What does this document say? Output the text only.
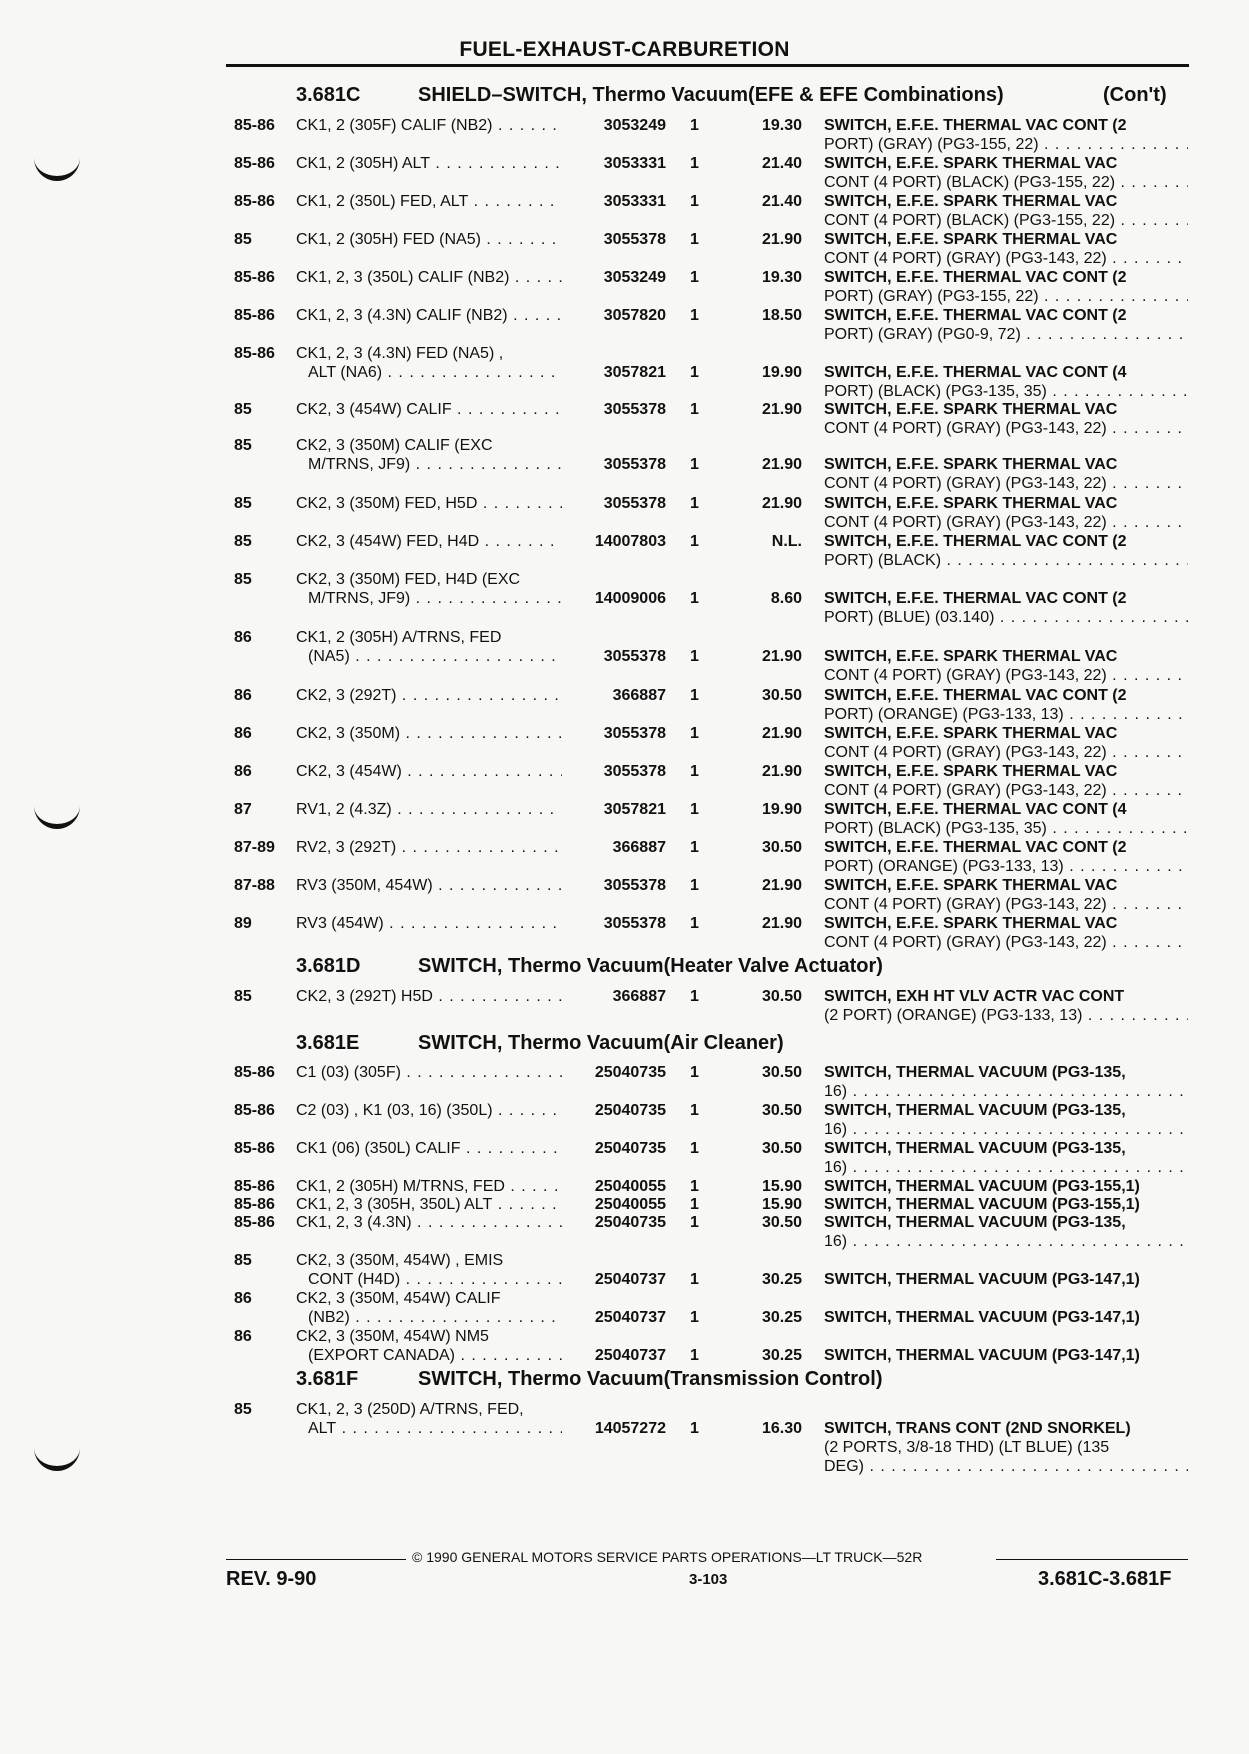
FUEL-EXHAUST-CARBURETION
3.681C	SHIELD–SWITCH, Thermo Vacuum(EFE & EFE Combinations)	(Con't)
85-86 CK1, 2 (305F) CALIF (NB2) . . .	3053249 1	19.30 SWITCH, E.F.E. THERMAL VAC CONT (2
PORT) (GRAY) (PG3-155, 22) . . .
85-86 CK1, 2 (305H) ALT . . .	3053331 1	21.40 SWITCH, E.F.E. SPARK THERMAL VAC
CONT (4 PORT) (BLACK) (PG3-155, 22) . . .
85-86 CK1, 2 (350L) FED, ALT . . .	3053331 1	21.40 SWITCH, E.F.E. SPARK THERMAL VAC
CONT (4 PORT) (BLACK) (PG3-155, 22) . . .
85	CK1, 2 (305H) FED (NA5) . . .	3055378 1	21.90 SWITCH, E.F.E. SPARK THERMAL VAC
CONT (4 PORT) (GRAY) (PG3-143, 22) . . .
85-86 CK1, 2, 3 (350L) CALIF (NB2) . . .	3053249 1	19.30 SWITCH, E.F.E. THERMAL VAC CONT (2
PORT) (GRAY) (PG3-155, 22) . . .
85-86 CK1, 2, 3 (4.3N) CALIF (NB2) . . .	3057820 1	18.50 SWITCH, E.F.E. THERMAL VAC CONT (2
PORT) (GRAY) (PG0-9, 72) . . .
85-86 CK1, 2, 3 (4.3N) FED (NA5) ,
ALT (NA6) . . .	3057821 1	19.90 SWITCH, E.F.E. THERMAL VAC CONT (4
PORT) (BLACK) (PG3-135, 35) . . .
85	CK2, 3 (454W) CALIF . . .	3055378 1	21.90 SWITCH, E.F.E. SPARK THERMAL VAC
CONT (4 PORT) (GRAY) (PG3-143, 22) . . .
85	CK2, 3 (350M) CALIF (EXC
M/TRNS, JF9) . . .	3055378 1	21.90 SWITCH, E.F.E. SPARK THERMAL VAC
CONT (4 PORT) (GRAY) (PG3-143, 22) . . .
85	CK2, 3 (350M) FED, H5D . . .	3055378 1	21.90 SWITCH, E.F.E. SPARK THERMAL VAC
CONT (4 PORT) (GRAY) (PG3-143, 22) . . .
85	CK2, 3 (454W) FED, H4D . . .	14007803 1	N.L. SWITCH, E.F.E. THERMAL VAC CONT (2
PORT) (BLACK) . . .
85	CK2, 3 (350M) FED, H4D (EXC
M/TRNS, JF9) . . .	14009006 1	8.60 SWITCH, E.F.E. THERMAL VAC CONT (2
PORT) (BLUE) (03.140) . . .
86	CK1, 2 (305H) A/TRNS, FED
(NA5) . . .	3055378 1	21.90 SWITCH, E.F.E. SPARK THERMAL VAC
CONT (4 PORT) (GRAY) (PG3-143, 22) . . .
86	CK2, 3 (292T) . . .	366887 1	30.50 SWITCH, E.F.E. THERMAL VAC CONT (2
PORT) (ORANGE) (PG3-133, 13) . . .
86	CK2, 3 (350M) . . .	3055378 1	21.90 SWITCH, E.F.E. SPARK THERMAL VAC
CONT (4 PORT) (GRAY) (PG3-143, 22) . . .
86	CK2, 3 (454W) . . .	3055378 1	21.90 SWITCH, E.F.E. SPARK THERMAL VAC
CONT (4 PORT) (GRAY) (PG3-143, 22) . . .
87	RV1, 2 (4.3Z) . . .	3057821 1	19.90 SWITCH, E.F.E. THERMAL VAC CONT (4
PORT) (BLACK) (PG3-135, 35) . . .
87-89 RV2, 3 (292T) . . .	366887 1	30.50 SWITCH, E.F.E. THERMAL VAC CONT (2
PORT) (ORANGE) (PG3-133, 13) . . .
87-88 RV3 (350M, 454W) . . .	3055378 1	21.90 SWITCH, E.F.E. SPARK THERMAL VAC
CONT (4 PORT) (GRAY) (PG3-143, 22) . . .
89	RV3 (454W) . . .	3055378 1	21.90 SWITCH, E.F.E. SPARK THERMAL VAC
CONT (4 PORT) (GRAY) (PG3-143, 22) . . .
3.681D	SWITCH, Thermo Vacuum(Heater Valve Actuator)
85	CK2, 3 (292T) H5D . . .	366887 1	30.50 SWITCH, EXH HT VLV ACTR VAC CONT
(2 PORT) (ORANGE) (PG3-133, 13) . . .
3.681E	SWITCH, Thermo Vacuum(Air Cleaner)
85-86 C1 (03) (305F) . . .	25040735 1	30.50 SWITCH, THERMAL VACUUM (PG3-135,
16) . . .
85-86 C2 (03) , K1 (03, 16) (350L) . . .	25040735 1	30.50 SWITCH, THERMAL VACUUM (PG3-135,
16) . . .
85-86 CK1 (06) (350L) CALIF . . .	25040735 1	30.50 SWITCH, THERMAL VACUUM (PG3-135,
16) . . .
85-86 CK1, 2 (305H) M/TRNS, FED . . .	25040055 1	15.90 SWITCH, THERMAL VACUUM (PG3-155,1)
85-86 CK1, 2, 3 (305H, 350L) ALT . . .	25040055 1	15.90 SWITCH, THERMAL VACUUM (PG3-155,1)
85-86 CK1, 2, 3 (4.3N) . . .	25040735 1	30.50 SWITCH, THERMAL VACUUM (PG3-135,
16) . . .
85	CK2, 3 (350M, 454W) , EMIS
CONT (H4D) . . .	25040737 1	30.25 SWITCH, THERMAL VACUUM (PG3-147,1)
86	CK2, 3 (350M, 454W) CALIF
(NB2) . . .	25040737 1	30.25 SWITCH, THERMAL VACUUM (PG3-147,1)
86	CK2, 3 (350M, 454W) NM5
(EXPORT CANADA) . . .	25040737 1	30.25 SWITCH, THERMAL VACUUM (PG3-147,1)
3.681F	SWITCH, Thermo Vacuum(Transmission Control)
85	CK1, 2, 3 (250D) A/TRNS, FED,
ALT . . .	14057272 1	16.30 SWITCH, TRANS CONT (2ND SNORKEL)
(2 PORTS, 3/8-18 THD) (LT BLUE) (135
DEG) . . .
© 1990 GENERAL MOTORS SERVICE PARTS OPERATIONS—LT TRUCK—52R
REV. 9-90	3-103	3.681C-3.681F
